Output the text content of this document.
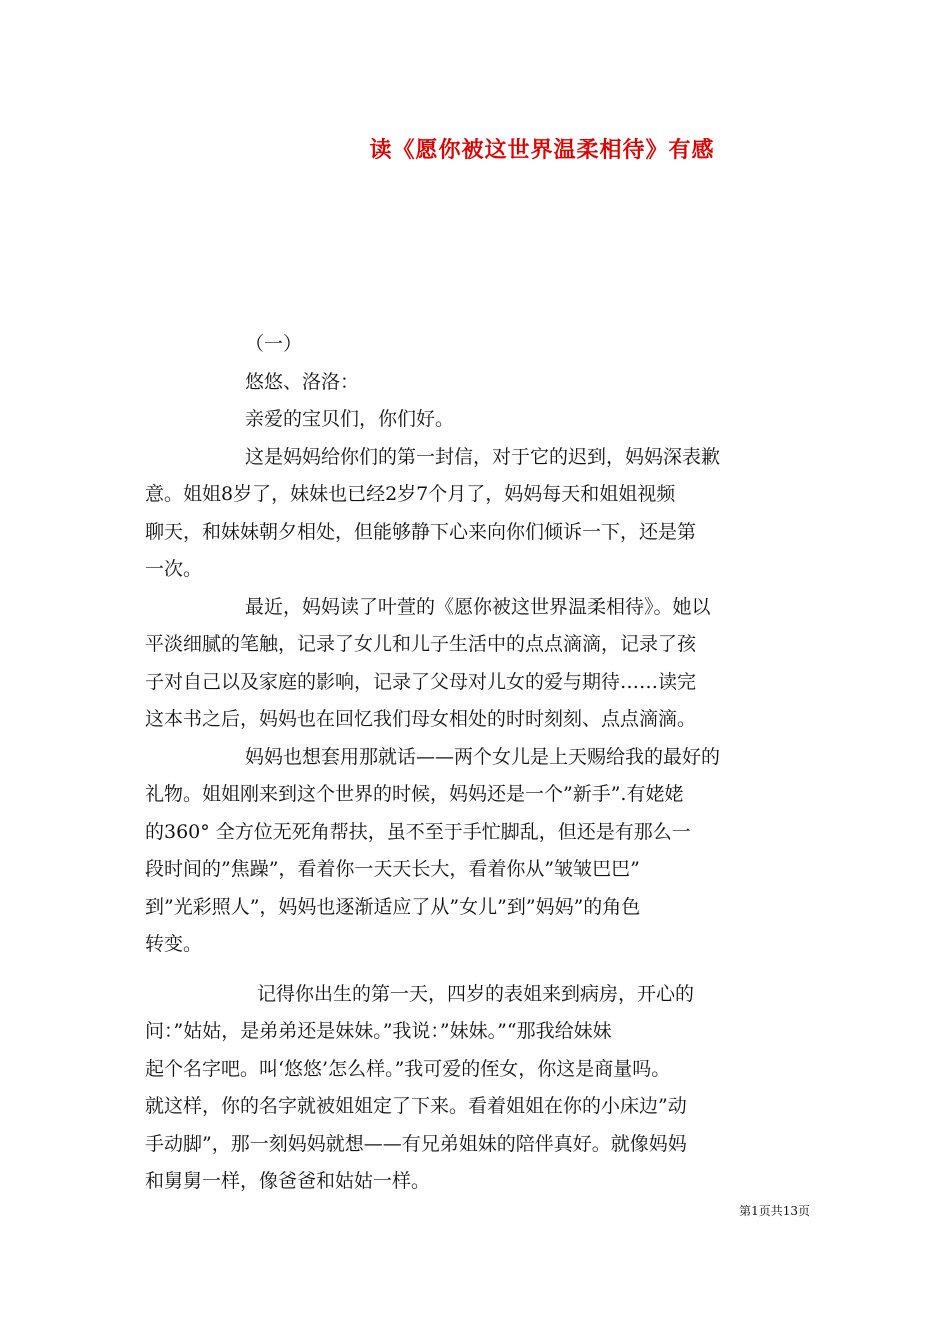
读《愿你被这世界温柔相待》有感
（一）
悠悠、洛洛：
亲爱的宝贝们，你们好。
这是妈妈给你们的第一封信，对于它的迟到，妈妈深表歉
意。姐姐8岁了，妹妹也已经2岁7个月了，妈妈每天和姐姐视频
聊天，和妹妹朝夕相处，但能够静下心来向你们倾诉一下，还是第
一次。
最近，妈妈读了叶萱的《愿你被这世界温柔相待》。她以
平淡细腻的笔触，记录了女儿和儿子生活中的点点滴滴，记录了孩
子对自己以及家庭的影响，记录了父母对儿女的爱与期待……读完
这本书之后，妈妈也在回忆我们母女相处的时时刻刻、点点滴滴。
妈妈也想套用那就话——两个女儿是上天赐给我的最好的
礼物。姐姐刚来到这个世界的时候，妈妈还是一个”新手”.有姥姥
的360° 全方位无死角帮扶，虽不至于手忙脚乱，但还是有那么一
段时间的”焦躁”，看着你一天天长大，看着你从”皱皱巴巴”
到”光彩照人”，妈妈也逐渐适应了从”女儿”到”妈妈”的角色
转变。
记得你出生的第一天，四岁的表姐来到病房，开心的
问：”姑姑，是弟弟还是妹妹。”我说：”妹妹。”“那我给妹妹
起个名字吧。叫‘悠悠’怎么样。”我可爱的侄女，你这是商量吗。
就这样，你的名字就被姐姐定了下来。看着姐姐在你的小床边”动
手动脚”，那一刻妈妈就想——有兄弟姐妹的陪伴真好。就像妈妈
和舅舅一样，像爸爸和姑姑一样。
第1页共13页
